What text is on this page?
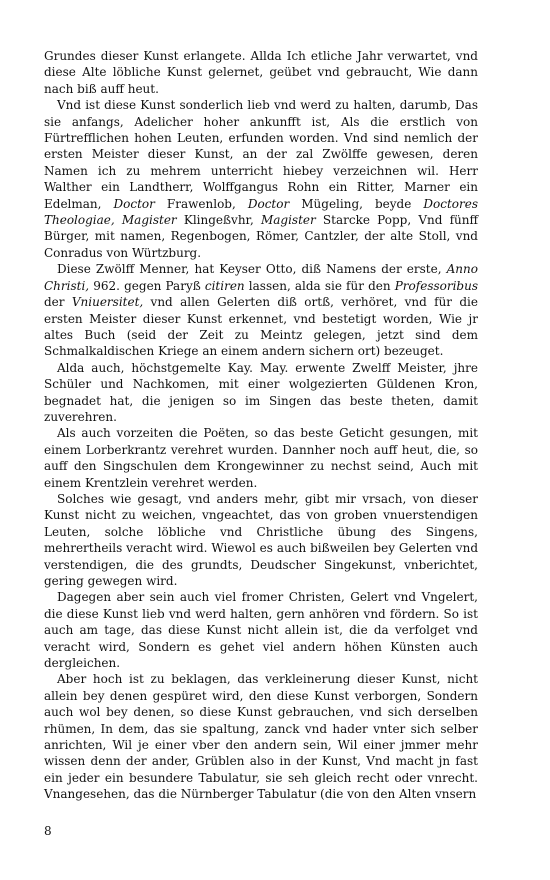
Grundes dieser Kunst erlangete. Allda Ich etliche Jahr verwartet, vnd diese Alte löbliche Kunst gelernet, geübet vnd gebraucht, Wie dann nach biß auff heut.

Vnd ist diese Kunst sonderlich lieb vnd werd zu halten, darumb, Das sie anfangs, Adelicher hoher ankunfft ist, Als die erstlich von Fürtrefflichen hohen Leuten, erfunden worden. Vnd sind nemlich der ersten Meister dieser Kunst, an der zal Zwölffe gewesen, deren Namen ich zu mehrem unterricht hiebey verzeichnen wil. Herr Walther ein Landtherr, Wolffgangus Rohn ein Ritter, Marner ein Edelman, Doctor Frawenlob, Doctor Mügeling, beyde Doctores Theologiae, Magister Klingeßvhr, Magister Starcke Popp, Vnd fünff Bürger, mit namen, Regenbogen, Römer, Cantzler, der alte Stoll, vnd Conradus von Würtzburg.

Diese Zwölff Menner, hat Keyser Otto, diß Namens der erste, Anno Christi, 962. gegen Paryß citiren lassen, alda sie für den Professoribus der Vniuersitet, vnd allen Gelerten diß ortß, verhöret, vnd für die ersten Meister dieser Kunst erkennet, vnd bestetigt worden, Wie jr altes Buch (seid der Zeit zu Meintz gelegen, jetzt sind dem Schmalkaldischen Kriege an einem andern sichern ort) bezeuget.

Alda auch, höchstgemelte Kay. May. erwente Zwelff Meister, jhre Schüler und Nachkomen, mit einer wolgezierten Güldenen Kron, begnadet hat, die jenigen so im Singen das beste theten, damit zuverehren.

Als auch vorzeiten die Poëten, so das beste Geticht gesungen, mit einem Lorberkrantz verehret wurden. Dannher noch auff heut, die, so auff den Singschulen dem Krongewinner zu nechst seind, Auch mit einem Krentzlein verehret werden.

Solches wie gesagt, vnd anders mehr, gibt mir vrsach, von dieser Kunst nicht zu weichen, vngeachtet, das von groben vnuerstendigen Leuten, solche löbliche vnd Christliche übung des Singens, mehrertheils veracht wird. Wiewol es auch bißweilen bey Gelerten vnd verstendigen, die des grundts, Deudscher Singekunst, vnberichtet, gering gewegen wird.

Dagegen aber sein auch viel fromer Christen, Gelert vnd Vngelert, die diese Kunst lieb vnd werd halten, gern anhören vnd fördern. So ist auch am tage, das diese Kunst nicht allein ist, die da verfolget vnd veracht wird, Sondern es gehet viel andern höhen Künsten auch dergleichen.

Aber hoch ist zu beklagen, das verkleinerung dieser Kunst, nicht allein bey denen gespüret wird, den diese Kunst verborgen, Sondern auch wol bey denen, so diese Kunst gebrauchen, vnd sich derselben rhümen, In dem, das sie spaltung, zanck vnd hader vnter sich selber anrichten, Wil je einer vber den andern sein, Wil einer jmmer mehr wissen denn der ander, Grüblen also in der Kunst, Vnd macht jn fast ein jeder ein besundere Tabulatur, sie seh gleich recht oder vnrecht. Vnangesehen, das die Nürnberger Tabulatur (die von den Alten vnsern

8
